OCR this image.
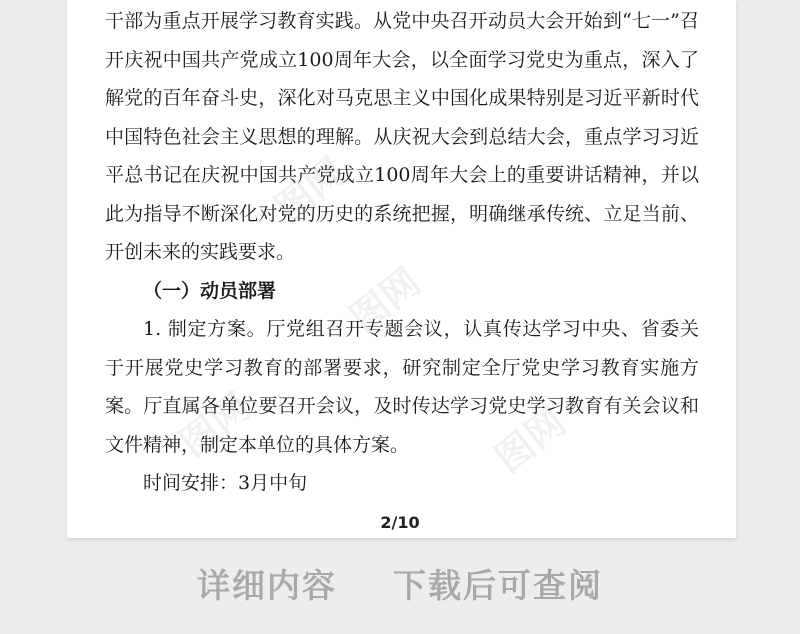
图网
图网
图网	图网

干部为重点开展学习教育实践。从党中央召开动员大会开始到“七一”召开庆祝中国共产党成立100周年大会，以全面学习党史为重点，深入了解党的百年奋斗史，深化对马克思主义中国化成果特别是习近平新时代中国特色社会主义思想的理解。从庆祝大会到总结大会，重点学习习近平总书记在庆祝中国共产党成立100周年大会上的重要讲话精神，并以此为指导不断深化对党的历史的系统把握，明确继承传统、立足当前、开创未来的实践要求。

（一）动员部署

1. 制定方案。厅党组召开专题会议，认真传达学习中央、省委关于开展党史学习教育的部署要求，研究制定全厅党史学习教育实施方案。厅直属各单位要召开会议，及时传达学习党史学习教育有关会议和文件精神，制定本单位的具体方案。

时间安排：3月中旬

2/10
详细内容 下载后可查阅
